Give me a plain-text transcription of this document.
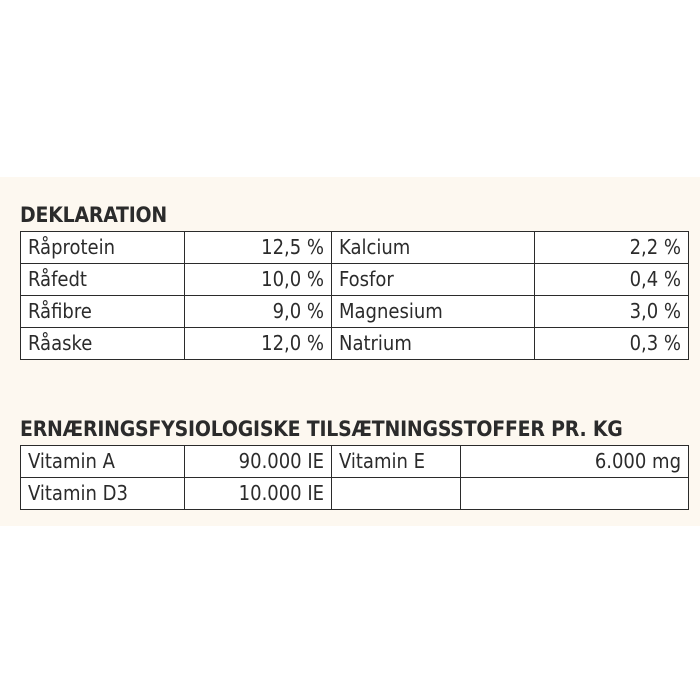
DEKLARATION
Råprotein	12,5 %	Kalcium	2,2 %
Råfedt	10,0 %	Fosfor	0,4 %
Råfibre	9,0 %	Magnesium	3,0 %
Råaske	12,0 %	Natrium	0,3 %
ERNÆRINGSFYSIOLOGISKE TILSÆTNINGSSTOFFER PR. KG
Vitamin A	90.000 IE	Vitamin E	6.000 mg
Vitamin D3	10.000 IE		
